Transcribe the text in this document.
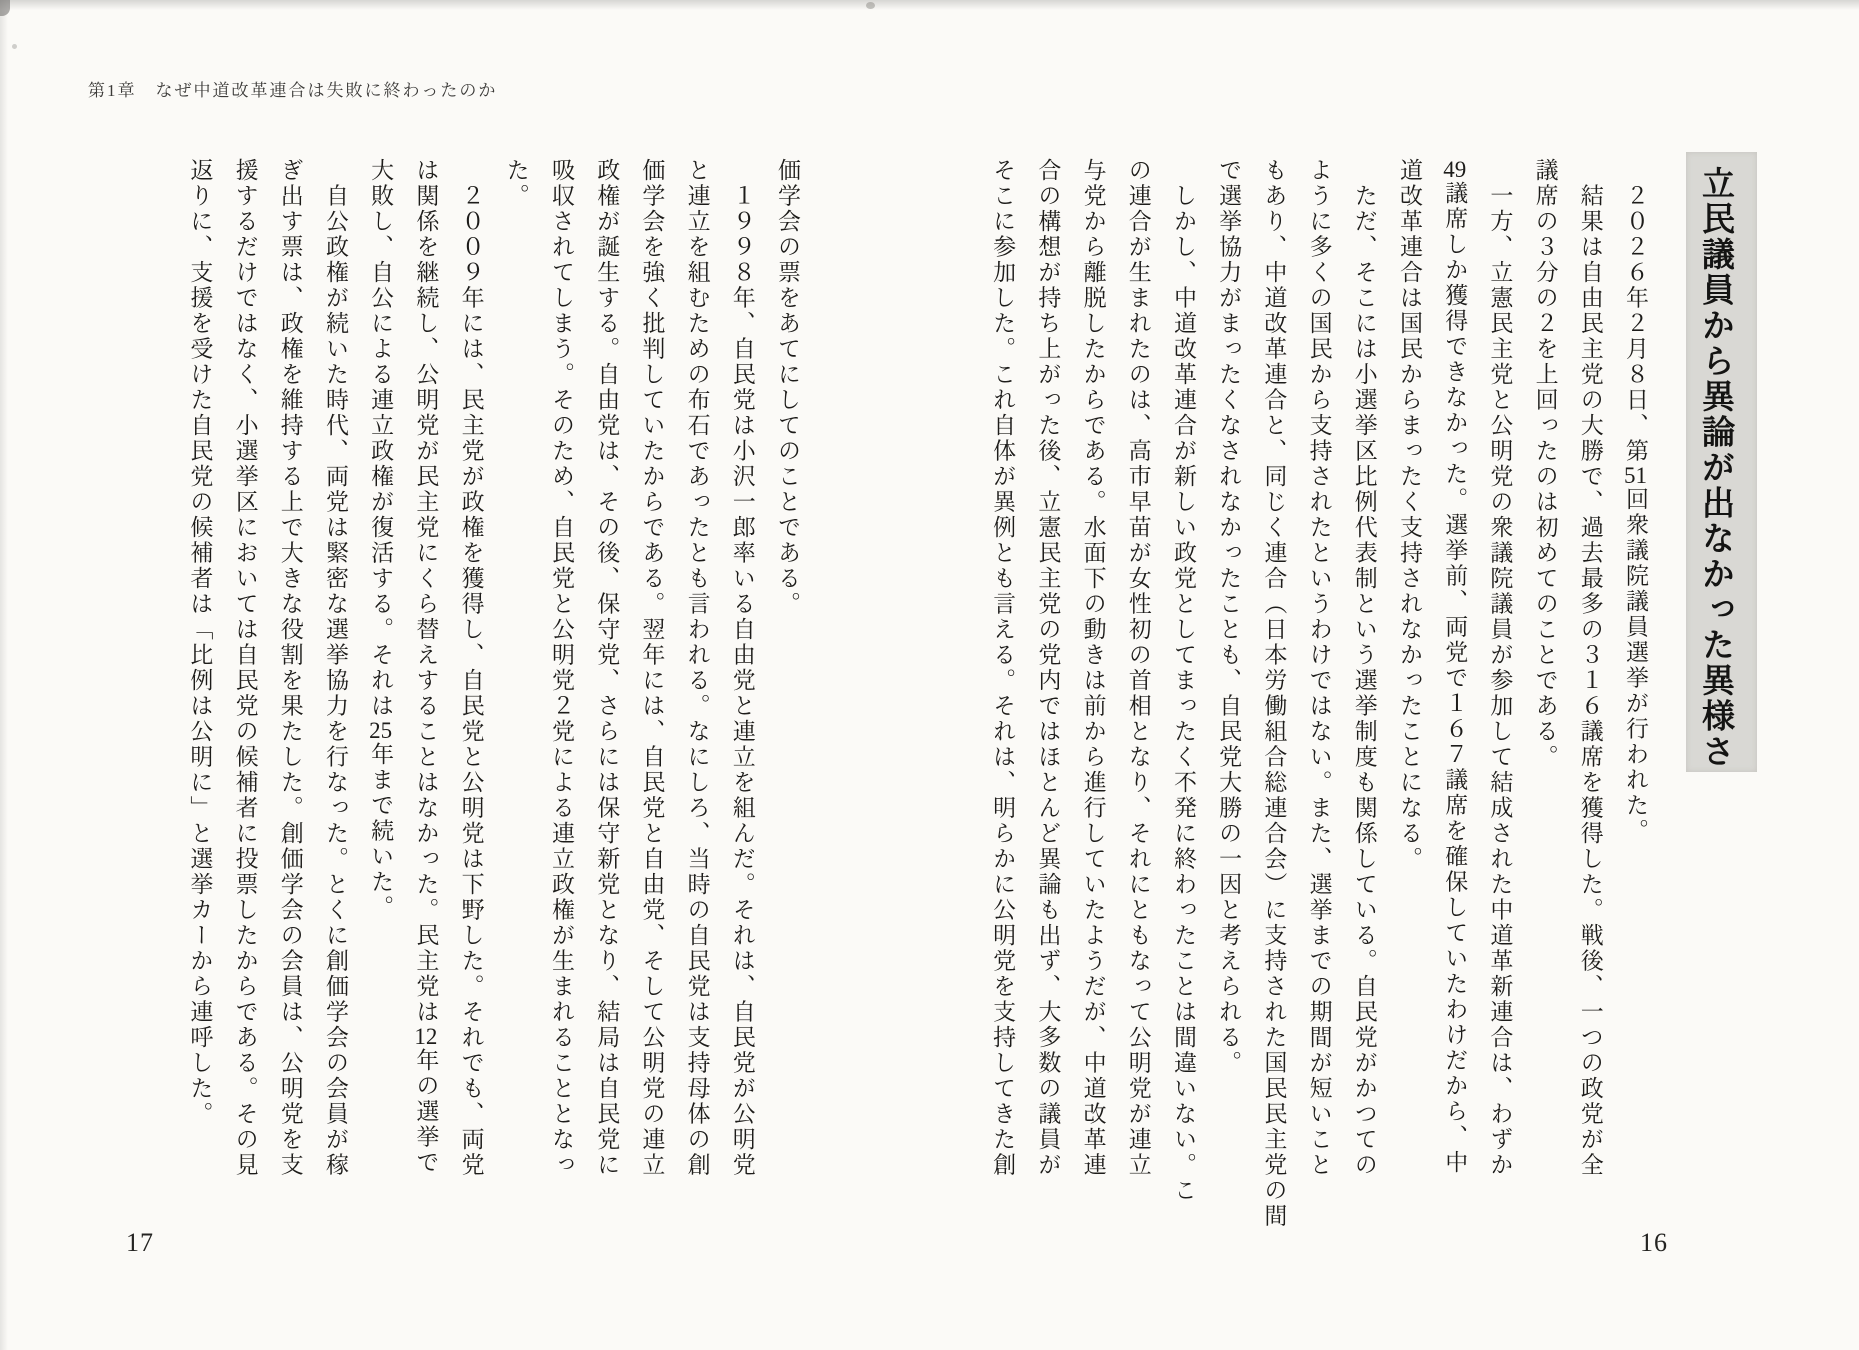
第1章　なぜ中道改革連合は失敗に終わったのか
立民議員から異論が出なかった異様さ
　２０２６年２月８日、第51回衆議院議員選挙が行われた。
　結果は自由民主党の大勝で、過去最多の３１６議席を獲得した。戦後、一つの政党が全
議席の３分の２を上回ったのは初めてのことである。
　一方、立憲民主党と公明党の衆議院議員が参加して結成された中道革新連合は、わずか
49議席しか獲得できなかった。選挙前、両党で１６７議席を確保していたわけだから、中
道改革連合は国民からまったく支持されなかったことになる。
　ただ、そこには小選挙区比例代表制という選挙制度も関係している。自民党がかつての
ように多くの国民から支持されたというわけではない。また、選挙までの期間が短いこと
もあり、中道改革連合と、同じく連合（日本労働組合総連合会）に支持された国民民主党の間
で選挙協力がまったくなされなかったことも、自民党大勝の一因と考えられる。
　しかし、中道改革連合が新しい政党としてまったく不発に終わったことは間違いない。こ
の連合が生まれたのは、高市早苗が女性初の首相となり、それにともなって公明党が連立
与党から離脱したからである。水面下の動きは前から進行していたようだが、中道改革連
合の構想が持ち上がった後、立憲民主党の党内ではほとんど異論も出ず、大多数の議員が
そこに参加した。これ自体が異例とも言える。それは、明らかに公明党を支持してきた創
16
価学会の票をあてにしてのことである。
　１９９８年、自民党は小沢一郎率いる自由党と連立を組んだ。それは、自民党が公明党
と連立を組むための布石であったとも言われる。なにしろ、当時の自民党は支持母体の創
価学会を強く批判していたからである。翌年には、自民党と自由党、そして公明党の連立
政権が誕生する。自由党は、その後、保守党、さらには保守新党となり、結局は自民党に
吸収されてしまう。そのため、自民党と公明党２党による連立政権が生まれることとなっ
た。
　２００９年には、民主党が政権を獲得し、自民党と公明党は下野した。それでも、両党
は関係を継続し、公明党が民主党にくら替えすることはなかった。民主党は12年の選挙で
大敗し、自公による連立政権が復活する。それは25年まで続いた。
　自公政権が続いた時代、両党は緊密な選挙協力を行なった。とくに創価学会の会員が稼
ぎ出す票は、政権を維持する上で大きな役割を果たした。創価学会の会員は、公明党を支
援するだけではなく、小選挙区においては自民党の候補者に投票したからである。その見
返りに、支援を受けた自民党の候補者は「比例は公明に」と選挙カーから連呼した。
17
